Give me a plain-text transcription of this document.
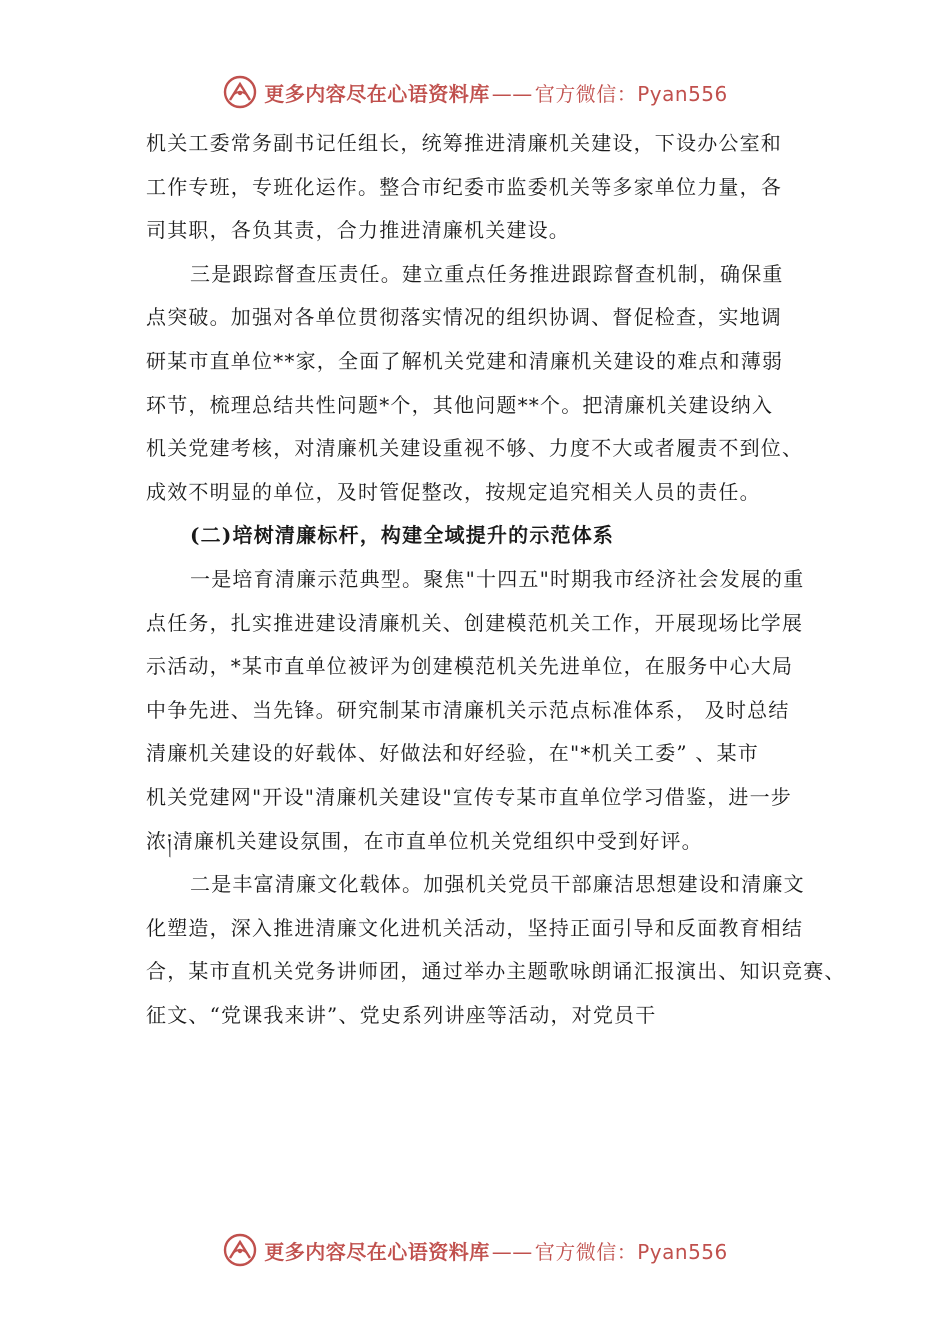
更多内容尽在心语资料库 —— 官方微信：Pyan556
机关工委常务副书记任组长，统筹推进清廉机关建设，下设办公室和
工作专班，专班化运作。整合市纪委市监委机关等多家单位力量，各
司其职，各负其责，合力推进清廉机关建设。
三是跟踪督查压责任。建立重点任务推进跟踪督查机制，确保重
点突破。加强对各单位贯彻落实情况的组织协调、督促检查，实地调
研某市直单位**家，全面了解机关党建和清廉机关建设的难点和薄弱
环节，梳理总结共性问题*个，其他问题**个。把清廉机关建设纳入
机关党建考核，对清廉机关建设重视不够、力度不大或者履责不到位、
成效不明显的单位，及时管促整改，按规定追究相关人员的责任。
(二)培树清廉标杆，构建全域提升的示范体系
一是培育清廉示范典型。聚焦"十四五"时期我市经济社会发展的重
点任务，扎实推进建设清廉机关、创建模范机关工作，开展现场比学展
示活动，*某市直单位被评为创建模范机关先进单位，在服务中心大局
中争先进、当先锋。研究制某市清廉机关示范点标准体系， 及时总结
清廉机关建设的好载体、好做法和好经验，在"*机关工委” 、某市
机关党建网"开设"清廉机关建设"宣传专某市直单位学习借鉴，进一步
浓༏清廉机关建设氛围，在市直单位机关党组织中受到好评。
二是丰富清廉文化载体。加强机关党员干部廉洁思想建设和清廉文
化塑造，深入推进清廉文化进机关活动，坚持正面引导和反面教育相结
合，某市直机关党务讲师团，通过举办主题歌咏朗诵汇报演出、知识竞赛、
征文、“党课我来讲”、党史系列讲座等活动，对党员干
更多内容尽在心语资料库 —— 官方微信：Pyan556
